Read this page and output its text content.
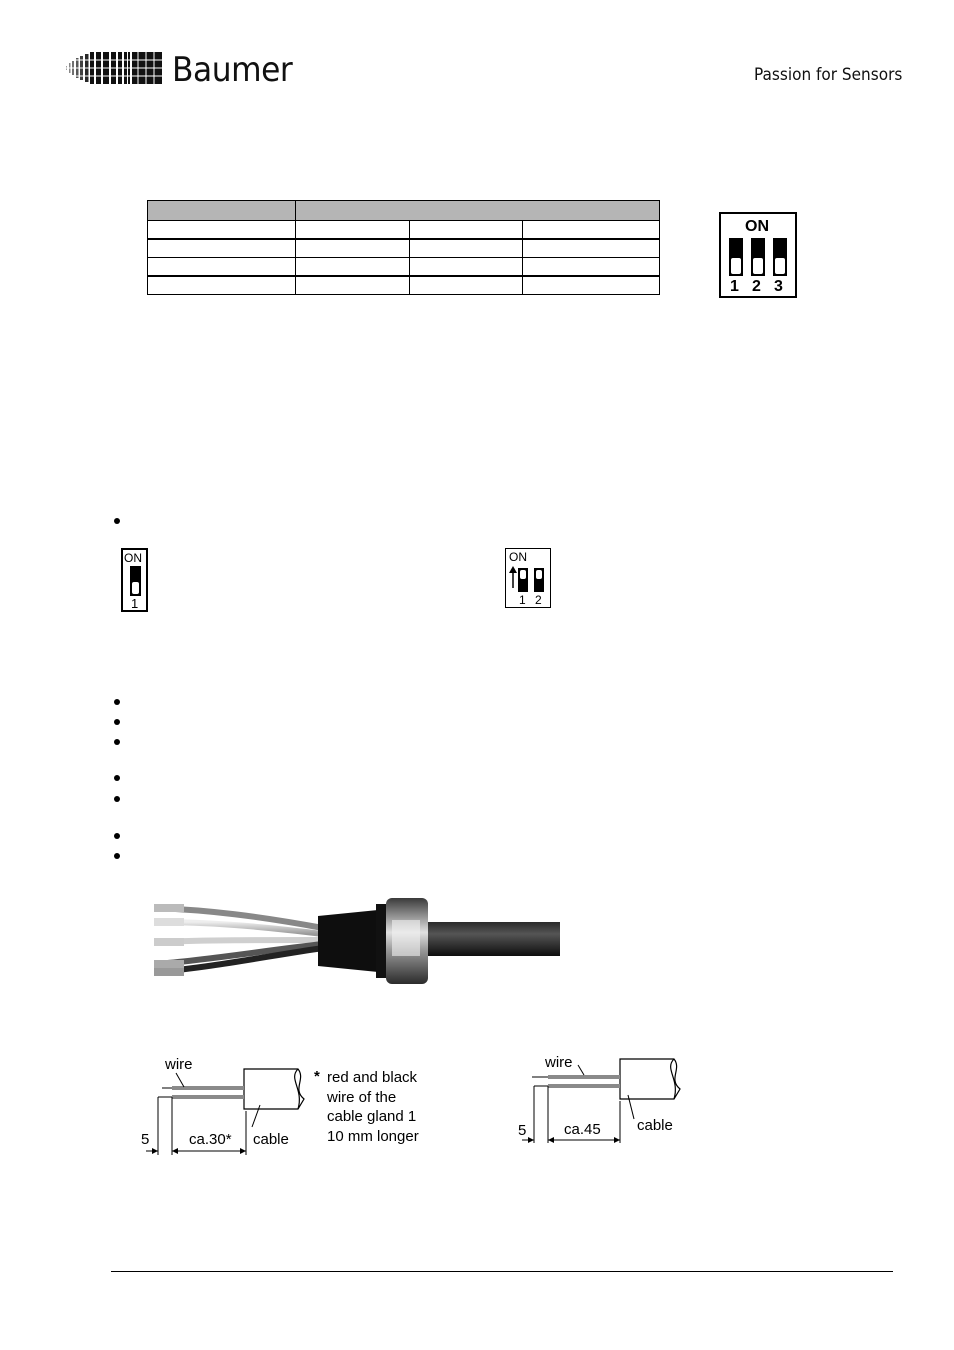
Baumer	Passion for Sensors

ON
1 2 3
ON
1
ON
1 2
wire
cable
5	ca.30*
* red and black
wire of the
cable gland 1
10 mm longer
wire
cable
5	ca.45
